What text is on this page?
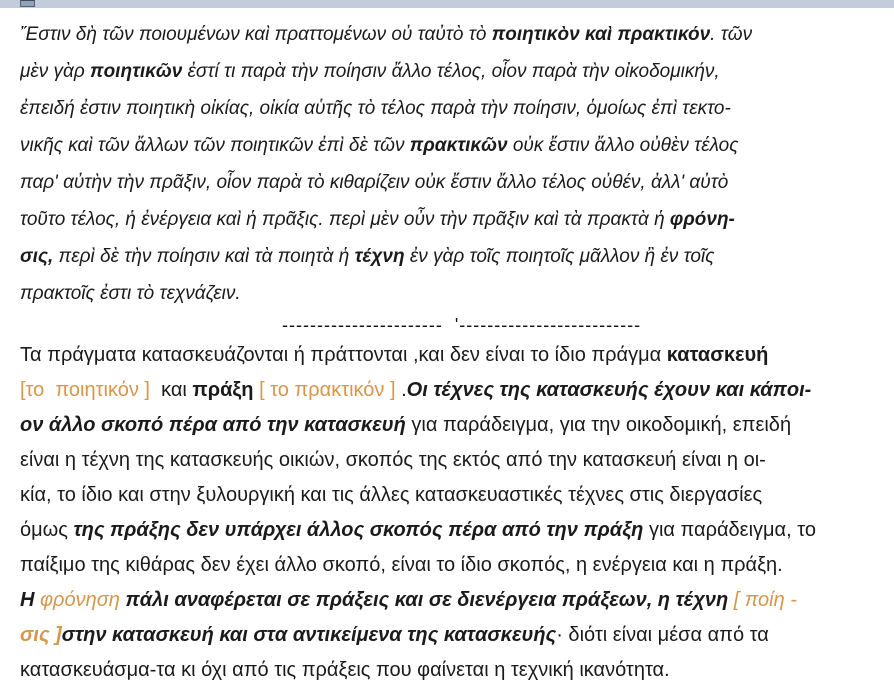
Ἔστιν δὴ τῶν ποιουμένων καὶ πραττομένων οὐ ταὐτὸ τὸ ποιητικὸν καὶ πρακτικόν. τῶν
μὲν γὰρ ποιητικῶν ἐστί τι παρὰ τὴν ποίησιν ἄλλο τέλος, οἷον παρὰ τὴν οἰκοδομικήν,
ἐπειδή ἐστιν ποιητικὴ οἰκίας, οἰκία αὑτῆς τὸ τέλος παρὰ τὴν ποίησιν, ὁμοίως ἐπὶ τεκτο-
νικῆς καὶ τῶν ἄλλων τῶν ποιητικῶν ἐπὶ δὲ τῶν πρακτικῶν οὐκ ἔστιν ἄλλο οὐθὲν τέλος
παρ' αὐτὴν τὴν πρᾶξιν, οἷον παρὰ τὸ κιθαρίζειν οὐκ ἔστιν ἄλλο τέλος οὐθέν, ἀλλ' αὐτὸ
τοῦτο τέλος, ἡ ἐνέργεια καὶ ἡ πρᾶξις. περὶ μὲν οὖν τὴν πρᾶξιν καὶ τὰ πρακτὰ ἡ φρόνη-
σις, περὶ δὲ τὴν ποίησιν καὶ τὰ ποιητὰ ἡ τέχνη ἐν γὰρ τοῖς ποιητοῖς μᾶλλον ἢ ἐν τοῖς
πρακτοῖς ἐστι τὸ τεχνάζειν.
-----------------------  '--------------------------
Τα πράγματα κατασκευάζονται ή πράττονται ,και δεν είναι το ίδιο πράγμα κατασκευή
[το  ποιητικόν ]  και πράξη [ το πρακτικόν ] .Οι τέχνες της κατασκευής έχουν και κάποι-
ον άλλο σκοπό πέρα από την κατασκευή για παράδειγμα, για την οικοδομική, επειδή
είναι η τέχνη της κατασκευής οικιών, σκοπός της εκτός από την κατασκευή είναι η οι-
κία, το ίδιο και στην ξυλουργική και τις άλλες κατασκευαστικές τέχνες στις διεργασίες
όμως της πράξης δεν υπάρχει άλλος σκοπός πέρα από την πράξη για παράδειγμα, το
παίξιμο της κιθάρας δεν έχει άλλο σκοπό, είναι το ίδιο σκοπός, η ενέργεια και η πράξη.
Η φρόνηση πάλι αναφέρεται σε πράξεις και σε διενέργεια πράξεων, η τέχνη [ ποίη -
σις ]στην κατασκευή και στα αντικείμενα της κατασκευής· διότι είναι μέσα από τα
κατασκευάσμα-τα κι όχι από τις πράξεις που φαίνεται η τεχνική ικανότητα.
